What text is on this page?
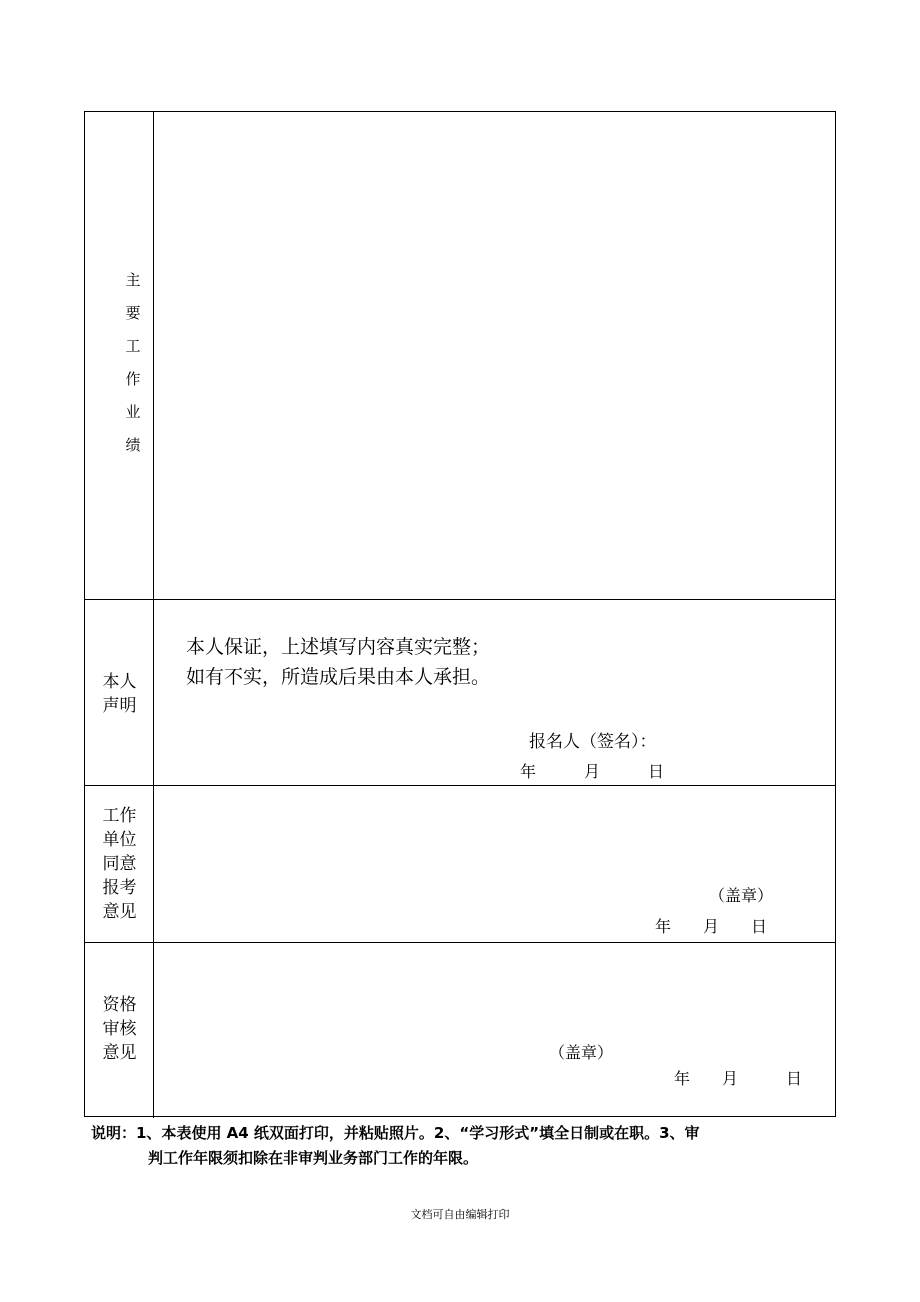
主
要
工
作
业
绩
本人
声明
本人保证，上述填写内容真实完整；
如有不实，所造成后果由本人承担。
报名人（签名）：
年　　　月　　　日
工作
单位
同意
报考
意见
（盖章）
年　　月　　日
资格
审核
意见	（盖章）
年　　月　　　日
说明：1、本表使用 A4 纸双面打印，并粘贴照片。2、“学习形式”填全日制或在职。3、审
判工作年限须扣除在非审判业务部门工作的年限。
文档可自由编辑打印
